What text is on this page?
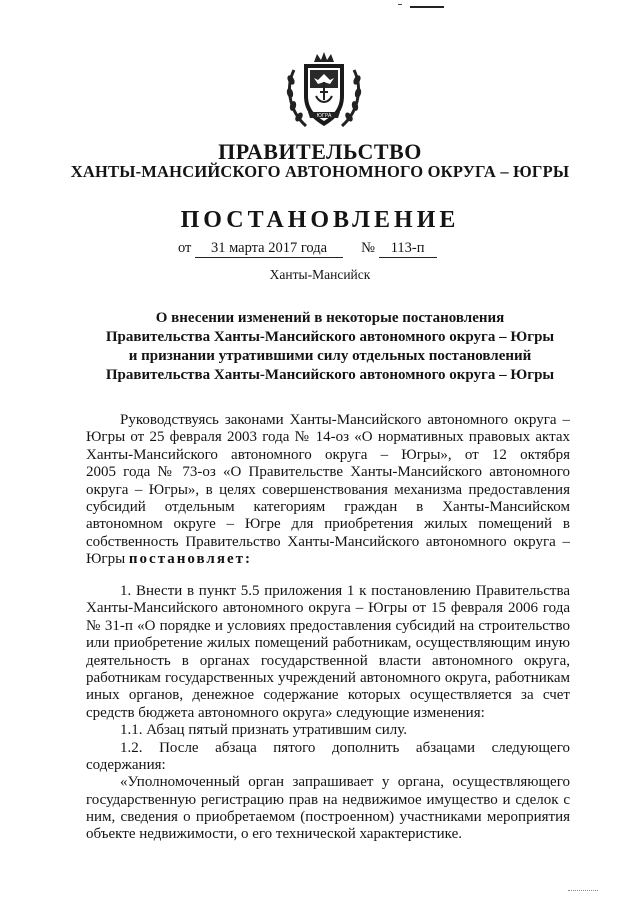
ЮГРА
ПРАВИТЕЛЬСТВО
ХАНТЫ-МАНСИЙСКОГО АВТОНОМНОГО ОКРУГА – ЮГРЫ
ПОСТАНОВЛЕНИЕ
от 31 марта 2017 года № 113-п
Ханты-Мансийск
О внесении изменений в некоторые постановления
Правительства Ханты-Мансийского автономного округа – Югры
и признании утратившими силу отдельных постановлений
Правительства Ханты-Мансийского автономного округа – Югры
Руководствуясь законами Ханты-Мансийского автономного округа –
Югры от 25 февраля 2003 года № 14-оз «О нормативных правовых актах
Ханты-Мансийского автономного округа – Югры», от 12 октября
2005 года № 73-оз «О Правительстве Ханты-Мансийского автономного
округа – Югры», в целях совершенствования механизма предоставления
субсидий отдельным категориям граждан в Ханты-Мансийском
автономном округе – Югре для приобретения жилых помещений в
собственность Правительство Ханты-Мансийского автономного округа –
Югры постановляет:
1. Внести в пункт 5.5 приложения 1 к постановлению Правительства
Ханты-Мансийского автономного округа – Югры от 15 февраля 2006 года
№ 31-п «О порядке и условиях предоставления субсидий на строительство
или приобретение жилых помещений работникам, осуществляющим иную
деятельность в органах государственной власти автономного округа,
работникам государственных учреждений автономного округа, работникам
иных органов, денежное содержание которых осуществляется за счет
средств бюджета автономного округа» следующие изменения:
1.1. Абзац пятый признать утратившим силу.
1.2. После абзаца пятого дополнить абзацами следующего
содержания:
«Уполномоченный орган запрашивает у органа, осуществляющего
государственную регистрацию прав на недвижимое имущество и сделок с
ним, сведения о приобретаемом (построенном) участниками мероприятия
объекте недвижимости, о его технической характеристике.
